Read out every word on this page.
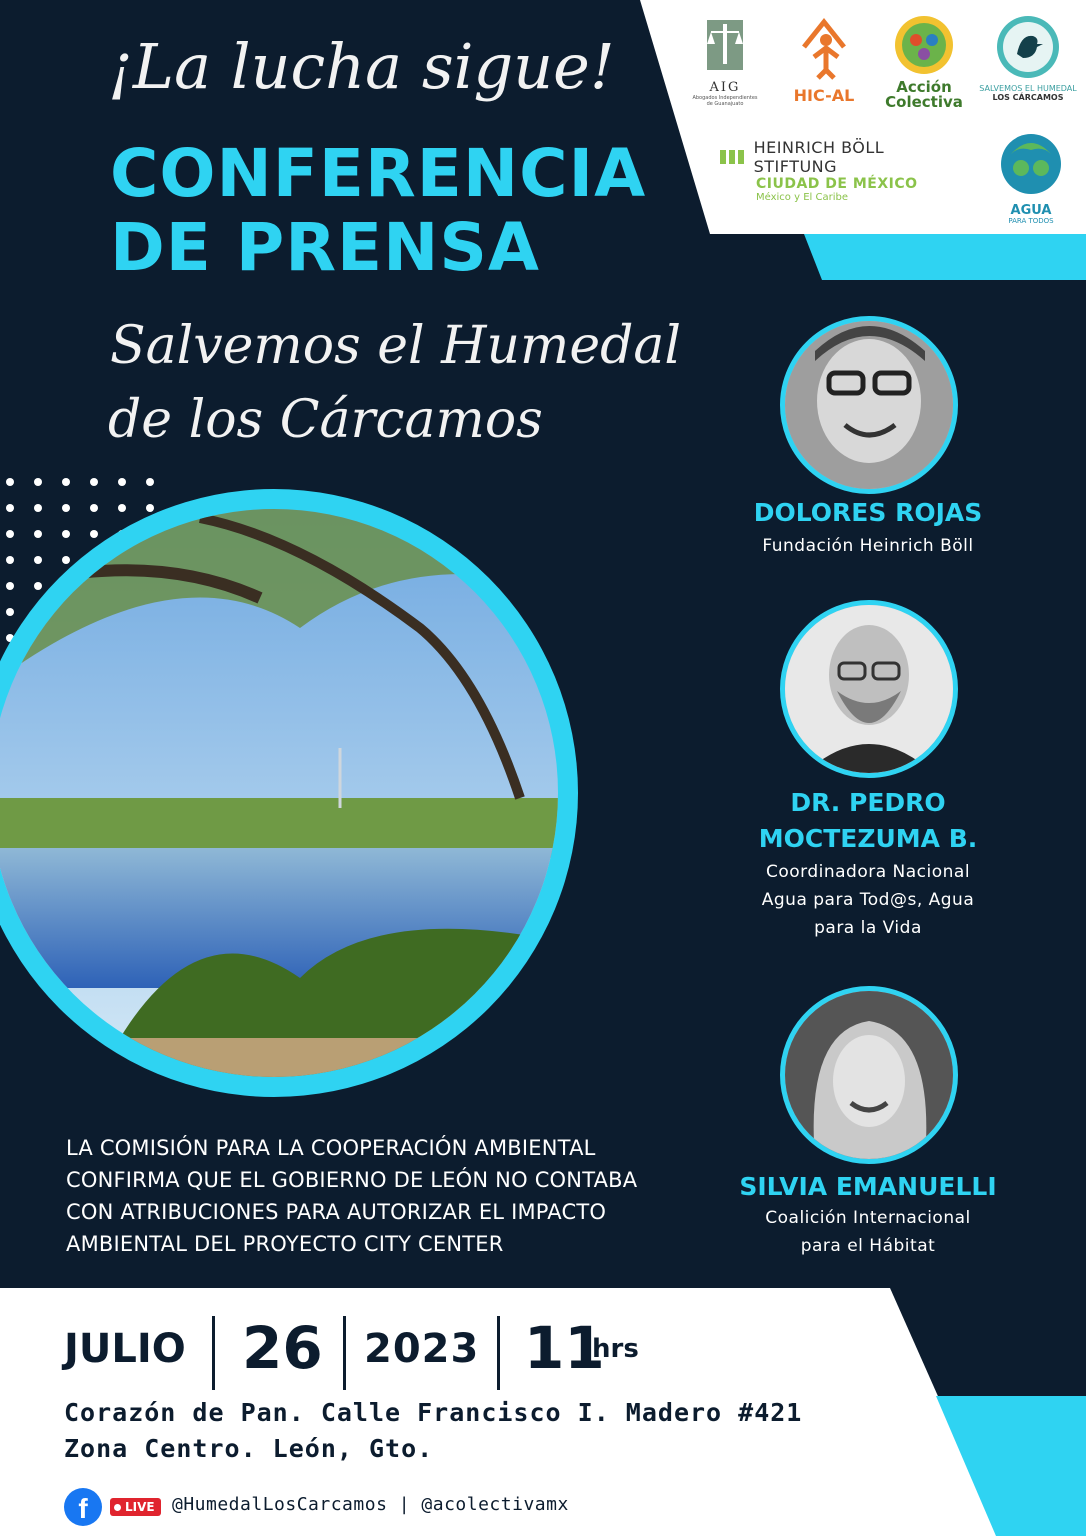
AIG
Abogados Independientes de Guanajuato	HIC-AL	Acción
Colectiva
SALVEMOS EL HUMEDAL
LOS CÁRCAMOS
HEINRICH BÖLL STIFTUNG
CIUDAD DE MÉXICO
México y El Caribe
AGUA
PARA TODOS
¡La lucha sigue!
CONFERENCIA
DE PRENSA
Salvemos el Humedal
de los Cárcamos
DOLORES ROJAS
Fundación Heinrich Böll
DR. PEDRO
MOCTEZUMA B.
Coordinadora Nacional
Agua para Tod@s, Agua
para la Vida
SILVIA EMANUELLI
Coalición Internacional
para el Hábitat
LA COMISIÓN PARA LA COOPERACIÓN AMBIENTAL
CONFIRMA QUE EL GOBIERNO DE LEÓN NO CONTABA
CON ATRIBUCIONES PARA AUTORIZAR EL IMPACTO
AMBIENTAL DEL PROYECTO CITY CENTER
JULIO 26 2023 11
hrs
Corazón de Pan. Calle Francisco I. Madero #421
Zona Centro. León, Gto.
f	LIVE @HumedalLosCarcamos | @acolectivamx
